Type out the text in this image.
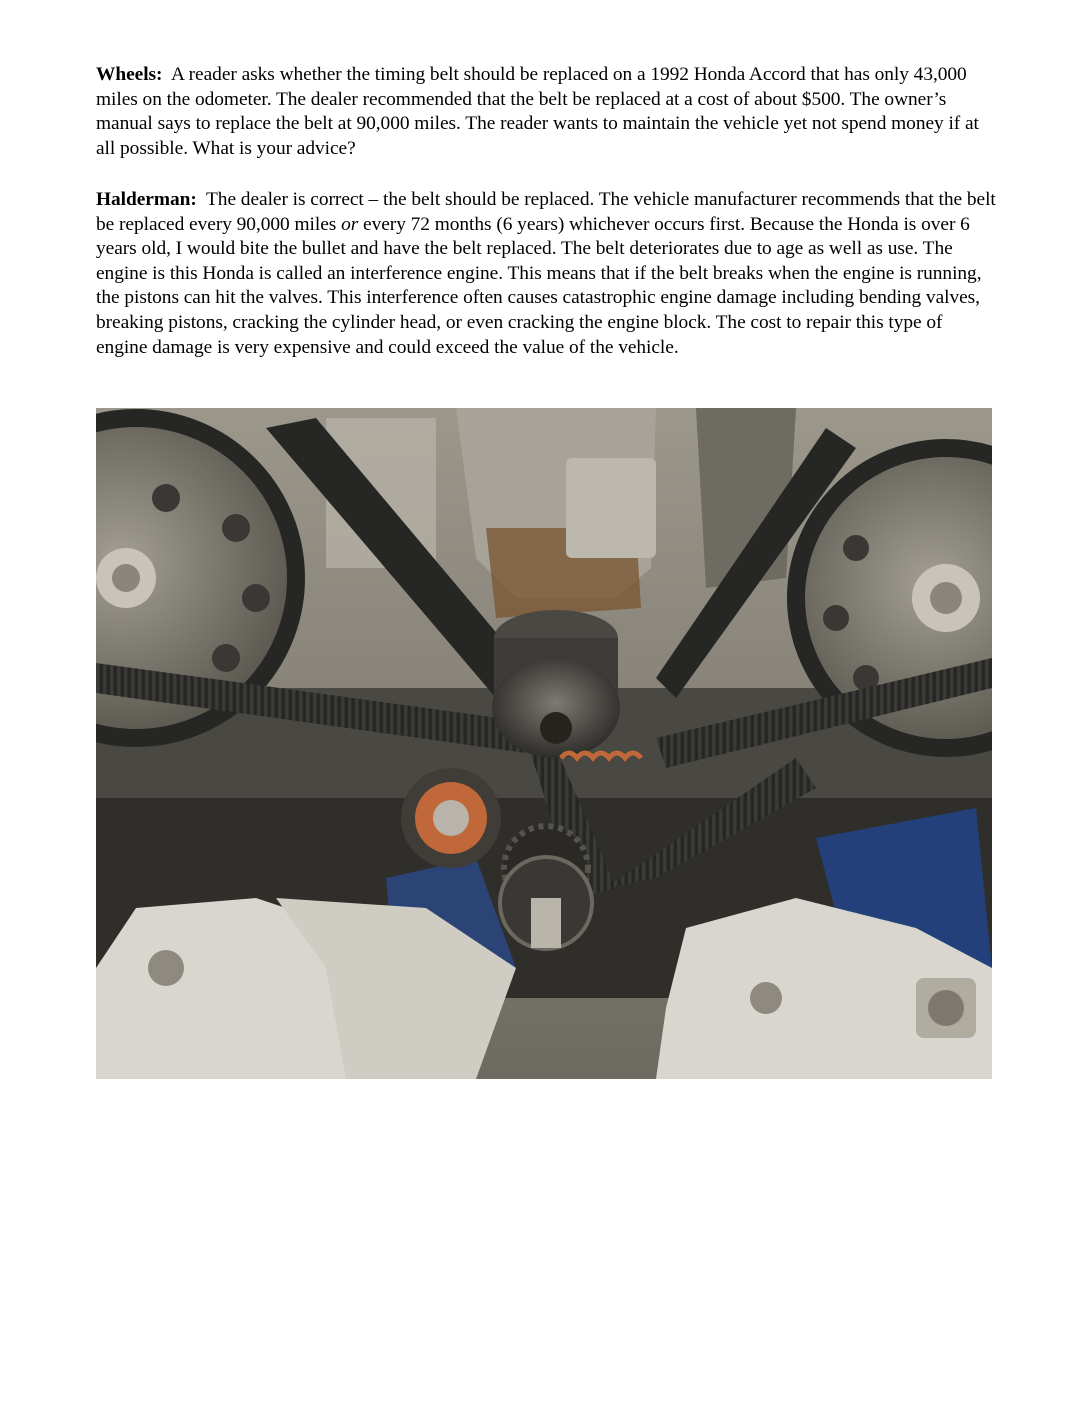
Wheels: A reader asks whether the timing belt should be replaced on a 1992 Honda Accord that has only 43,000 miles on the odometer. The dealer recommended that the belt be replaced at a cost of about $500. The owner’s manual says to replace the belt at 90,000 miles. The reader wants to maintain the vehicle yet not spend money if at all possible. What is your advice?

Halderman: The dealer is correct – the belt should be replaced. The vehicle manufacturer recommends that the belt be replaced every 90,000 miles or every 72 months (6 years) whichever occurs first. Because the Honda is over 6 years old, I would bite the bullet and have the belt replaced. The belt deteriorates due to age as well as use. The engine is this Honda is called an interference engine. This means that if the belt breaks when the engine is running, the pistons can hit the valves. This interference often causes catastrophic engine damage including bending valves, breaking pistons, cracking the cylinder head, or even cracking the engine block. The cost to repair this type of engine damage is very expensive and could exceed the value of the vehicle.
